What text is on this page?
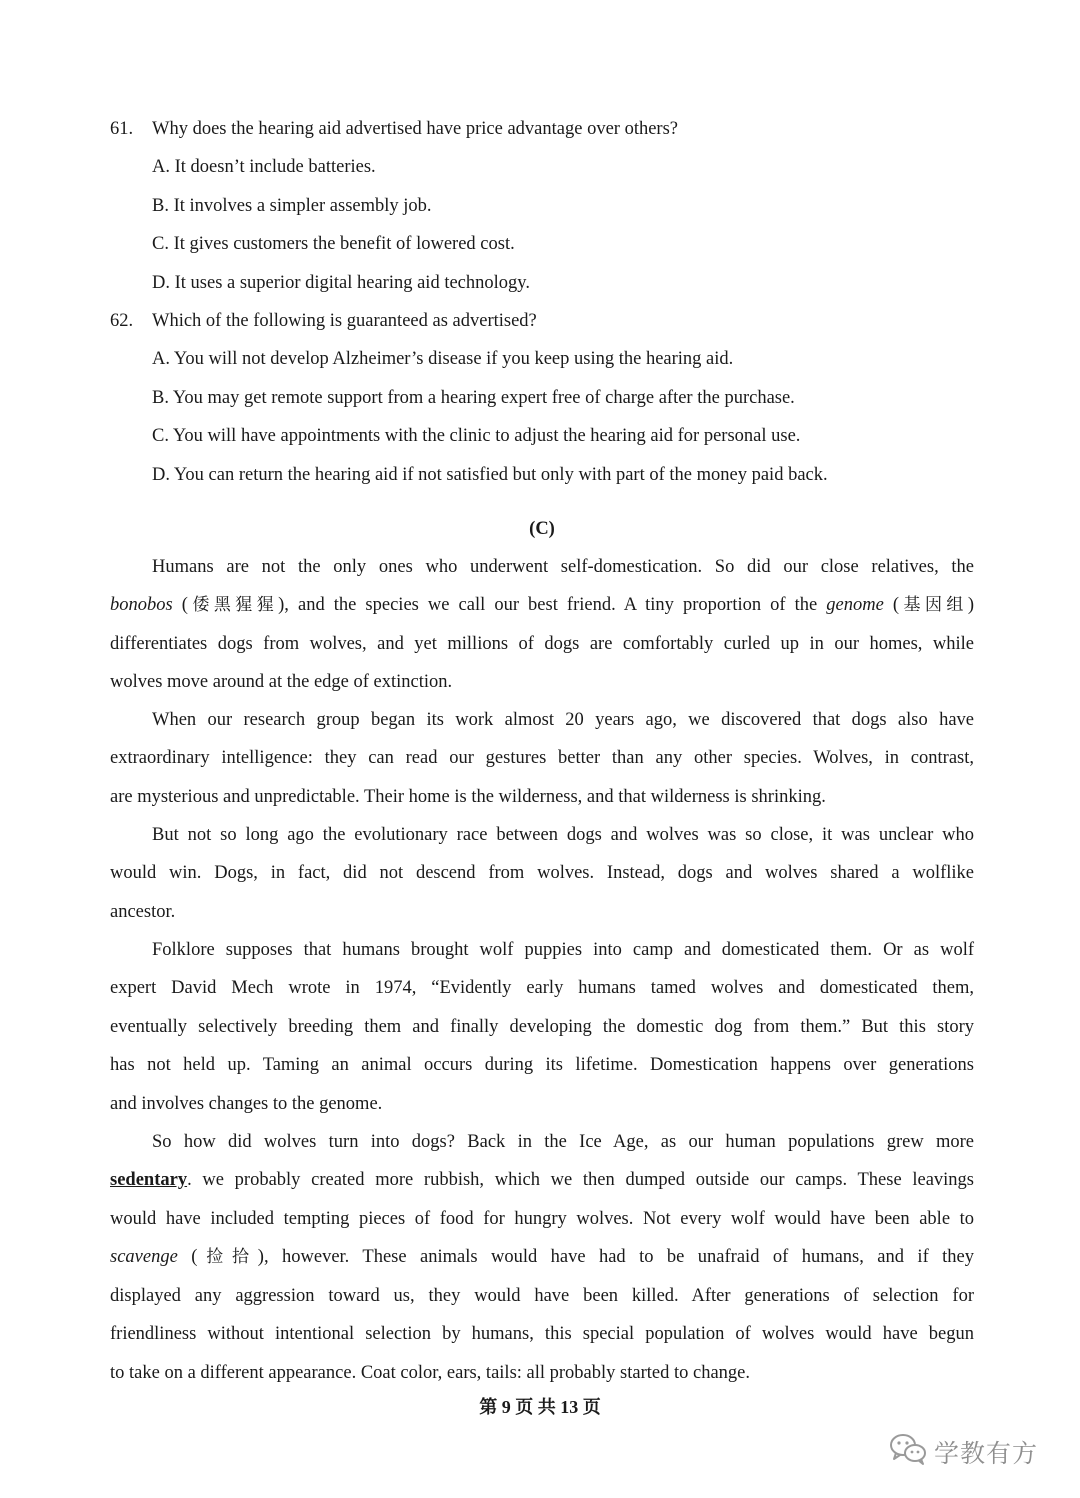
61. Why does the hearing aid advertised have price advantage over others?
A. It doesn’t include batteries.
B. It involves a simpler assembly job.
C. It gives customers the benefit of lowered cost.
D. It uses a superior digital hearing aid technology.
62. Which of the following is guaranteed as advertised?
A. You will not develop Alzheimer’s disease if you keep using the hearing aid.
B. You may get remote support from a hearing expert free of charge after the purchase.
C. You will have appointments with the clinic to adjust the hearing aid for personal use.
D. You can return the hearing aid if not satisfied but only with part of the money paid back.
(C)
Humans are not the only ones who underwent self-domestication. So did our close relatives, the
bonobos (倭黑猩猩), and the species we call our best friend. A tiny proportion of the genome (基因组)
differentiates dogs from wolves, and yet millions of dogs are comfortably curled up in our homes, while
wolves move around at the edge of extinction.
When our research group began its work almost 20 years ago, we discovered that dogs also have
extraordinary intelligence: they can read our gestures better than any other species. Wolves, in contrast,
are mysterious and unpredictable. Their home is the wilderness, and that wilderness is shrinking.
But not so long ago the evolutionary race between dogs and wolves was so close, it was unclear who
would win. Dogs, in fact, did not descend from wolves. Instead, dogs and wolves shared a wolflike
ancestor.
Folklore supposes that humans brought wolf puppies into camp and domesticated them. Or as wolf
expert David Mech wrote in 1974, “Evidently early humans tamed wolves and domesticated them,
eventually selectively breeding them and finally developing the domestic dog from them.” But this story
has not held up. Taming an animal occurs during its lifetime. Domestication happens over generations
and involves changes to the genome.
So how did wolves turn into dogs? Back in the Ice Age, as our human populations grew more
sedentary. we probably created more rubbish, which we then dumped outside our camps. These leavings
would have included tempting pieces of food for hungry wolves. Not every wolf would have been able to
scavenge (捡拾), however. These animals would have had to be unafraid of humans, and if they
displayed any aggression toward us, they would have been killed. After generations of selection for
friendliness without intentional selection by humans, this special population of wolves would have begun
to take on a different appearance. Coat color, ears, tails: all probably started to change.
第 9 页 共 13 页
学教有方
